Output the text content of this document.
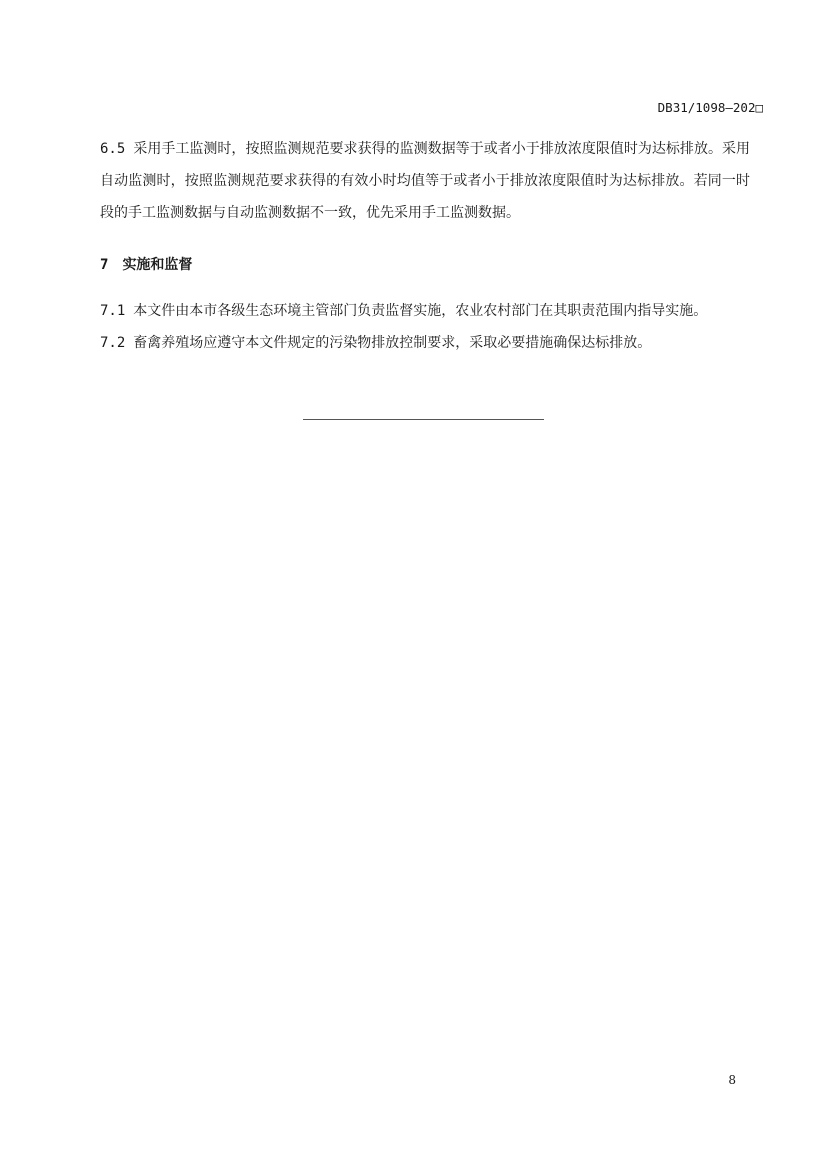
DB31/1098—202□
6.5 采用手工监测时，按照监测规范要求获得的监测数据等于或者小于排放浓度限值时为达标排放。采用自动监测时，按照监测规范要求获得的有效小时均值等于或者小于排放浓度限值时为达标排放。若同一时段的手工监测数据与自动监测数据不一致，优先采用手工监测数据。
7 实施和监督
7.1 本文件由本市各级生态环境主管部门负责监督实施，农业农村部门在其职责范围内指导实施。
7.2 畜禽养殖场应遵守本文件规定的污染物排放控制要求，采取必要措施确保达标排放。
8
